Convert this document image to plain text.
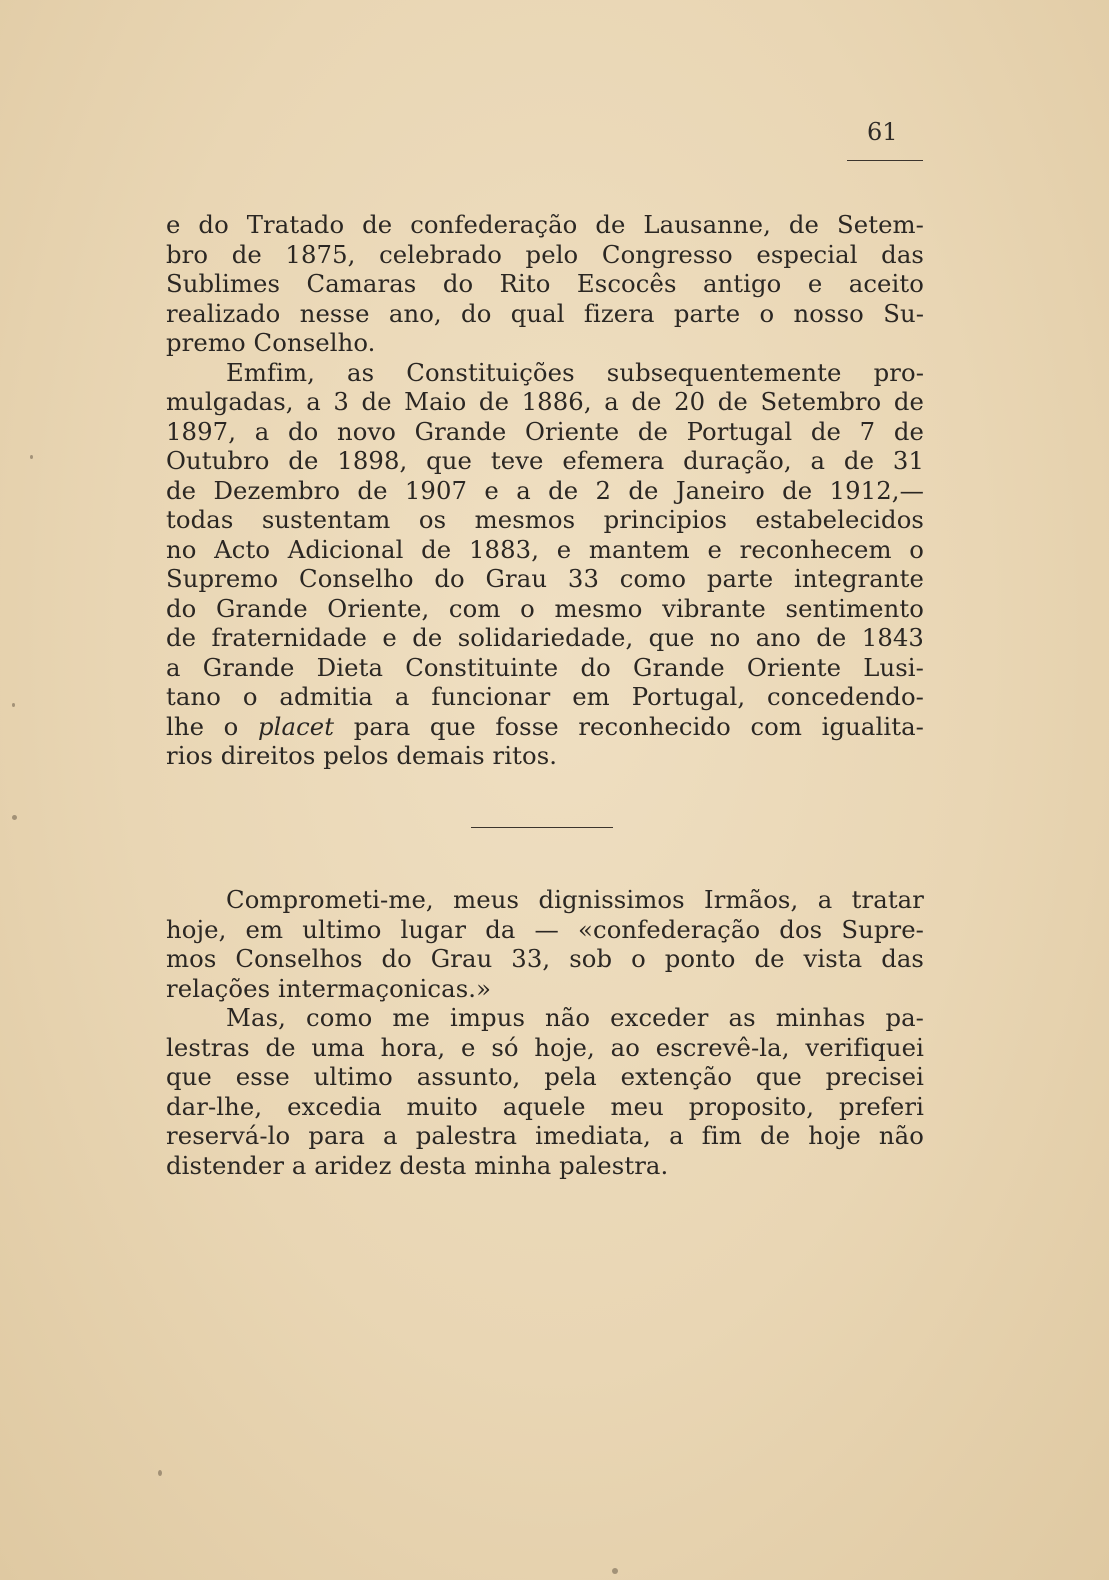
61
e do Tratado de confederação de Lausanne, de Setem-
bro de 1875, celebrado pelo Congresso especial das
Sublimes Camaras do Rito Escocês antigo e aceito
realizado nesse ano, do qual fizera parte o nosso Su-
premo Conselho.
Emfim, as Constituições subsequentemente pro-
mulgadas, a 3 de Maio de 1886, a de 20 de Setembro de
1897, a do novo Grande Oriente de Portugal de 7 de
Outubro de 1898, que teve efemera duração, a de 31
de Dezembro de 1907 e a de 2 de Janeiro de 1912,—
todas sustentam os mesmos principios estabelecidos
no Acto Adicional de 1883, e mantem e reconhecem o
Supremo Conselho do Grau 33 como parte integrante
do Grande Oriente, com o mesmo vibrante sentimento
de fraternidade e de solidariedade, que no ano de 1843
a Grande Dieta Constituinte do Grande Oriente Lusi-
tano o admitia a funcionar em Portugal, concedendo-
lhe o placet para que fosse reconhecido com igualita-
rios direitos pelos demais ritos.
Comprometi-me, meus dignissimos Irmãos, a tratar
hoje, em ultimo lugar da — «confederação dos Supre-
mos Conselhos do Grau 33, sob o ponto de vista das
relações intermaçonicas.»
Mas, como me impus não exceder as minhas pa-
lestras de uma hora, e só hoje, ao escrevê-la, verifiquei
que esse ultimo assunto, pela extenção que precisei
dar-lhe, excedia muito aquele meu proposito, preferi
reservá-lo para a palestra imediata, a fim de hoje não
distender a aridez desta minha palestra.
